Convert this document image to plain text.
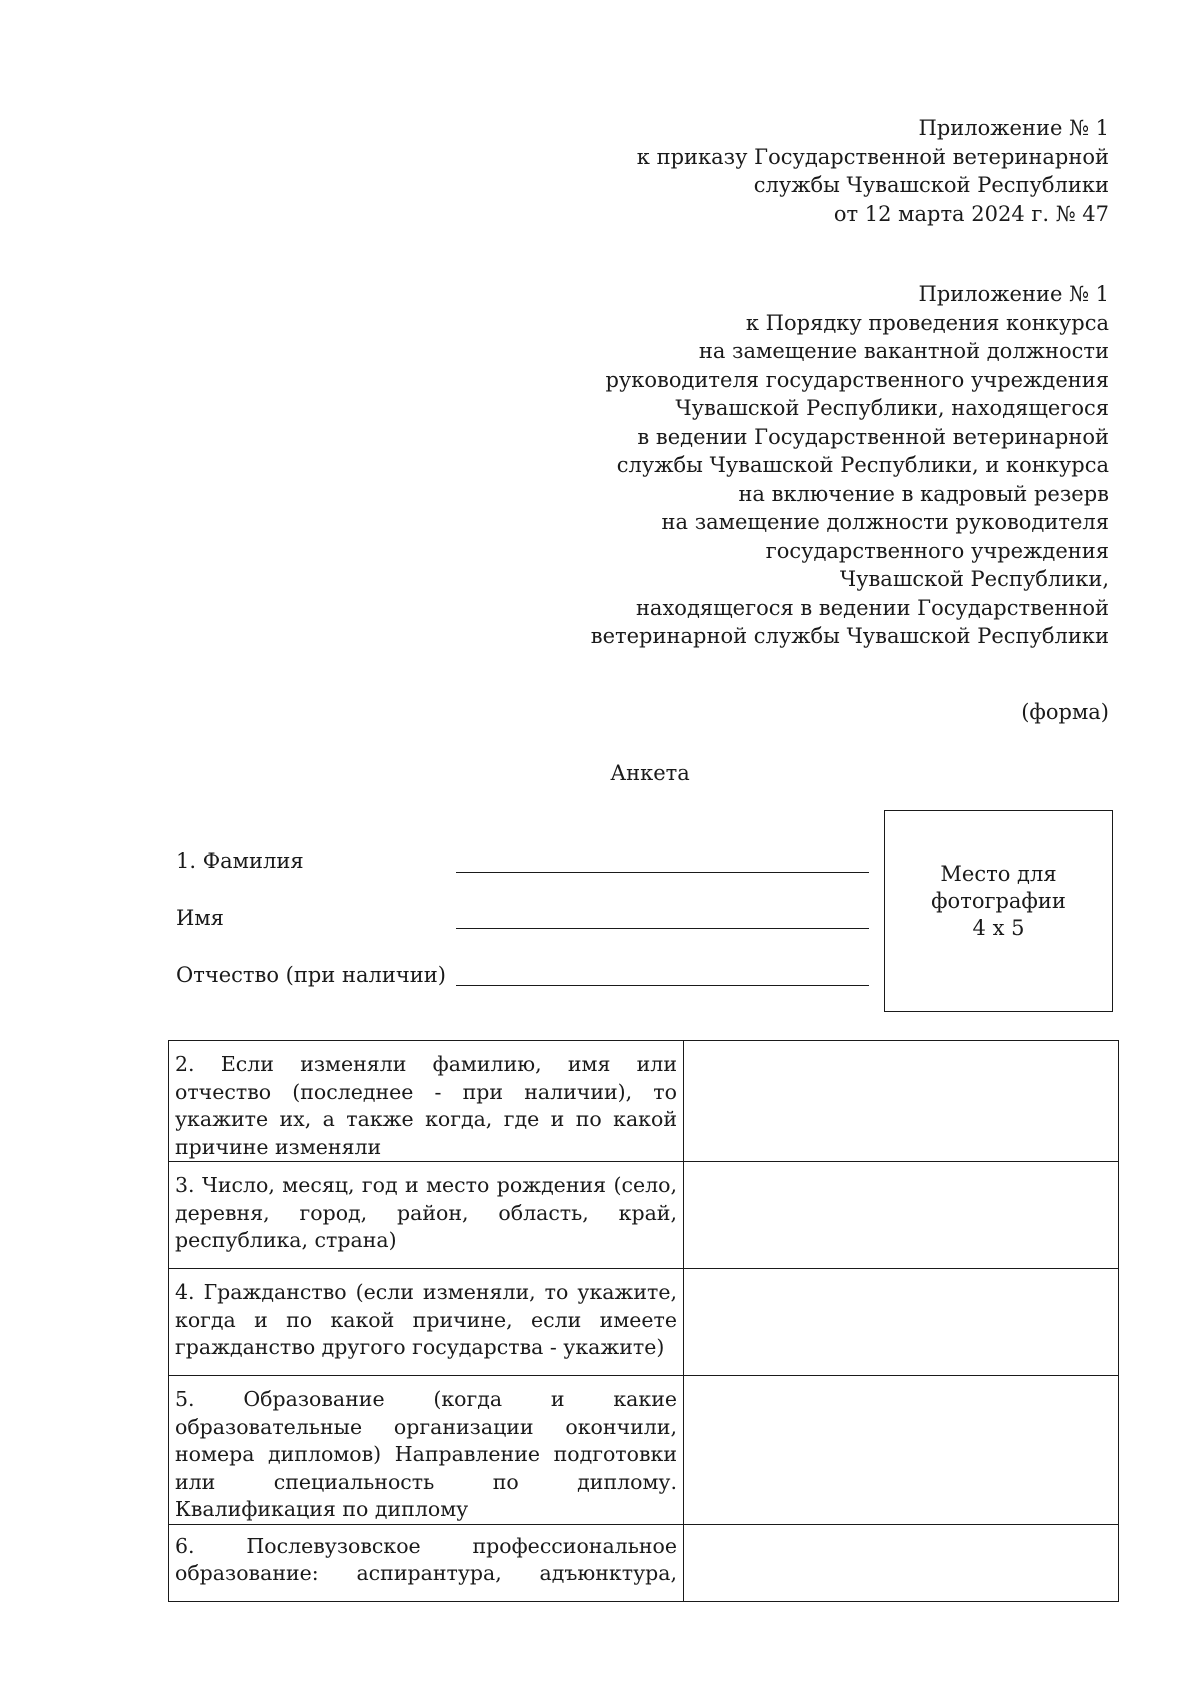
Приложение № 1
к приказу Государственной ветеринарной
службы Чувашской Республики
от 12 марта 2024 г. № 47
Приложение № 1
к Порядку проведения конкурса
на замещение вакантной должности
руководителя государственного учреждения
Чувашской Республики, находящегося
в ведении Государственной ветеринарной
службы Чувашской Республики, и конкурса
на включение в кадровый резерв
на замещение должности руководителя
государственного учреждения
Чувашской Республики,
находящегося в ведении Государственной
ветеринарной службы Чувашской Республики
(форма)
Анкета
1. Фамилия
Имя
Отчество (при наличии)
Место для
фотографии
4 х 5
2. Если изменяли фамилию, имя или отчество (последнее - при наличии), то укажите их, а также когда, где и по какой причине изменяли	
3. Число, месяц, год и место рождения (село, деревня, город, район, область, край, республика, страна)	
4. Гражданство (если изменяли, то укажите, когда и по какой причине, если имеете гражданство другого государства - укажите)	
5. Образование (когда и какие образовательные организации окончили, номера дипломов) Направление подготовки или специальность по диплому. Квалификация по диплому	

6. Послевузовское профессиональное
образование: аспирантура, адъюнктура,	
